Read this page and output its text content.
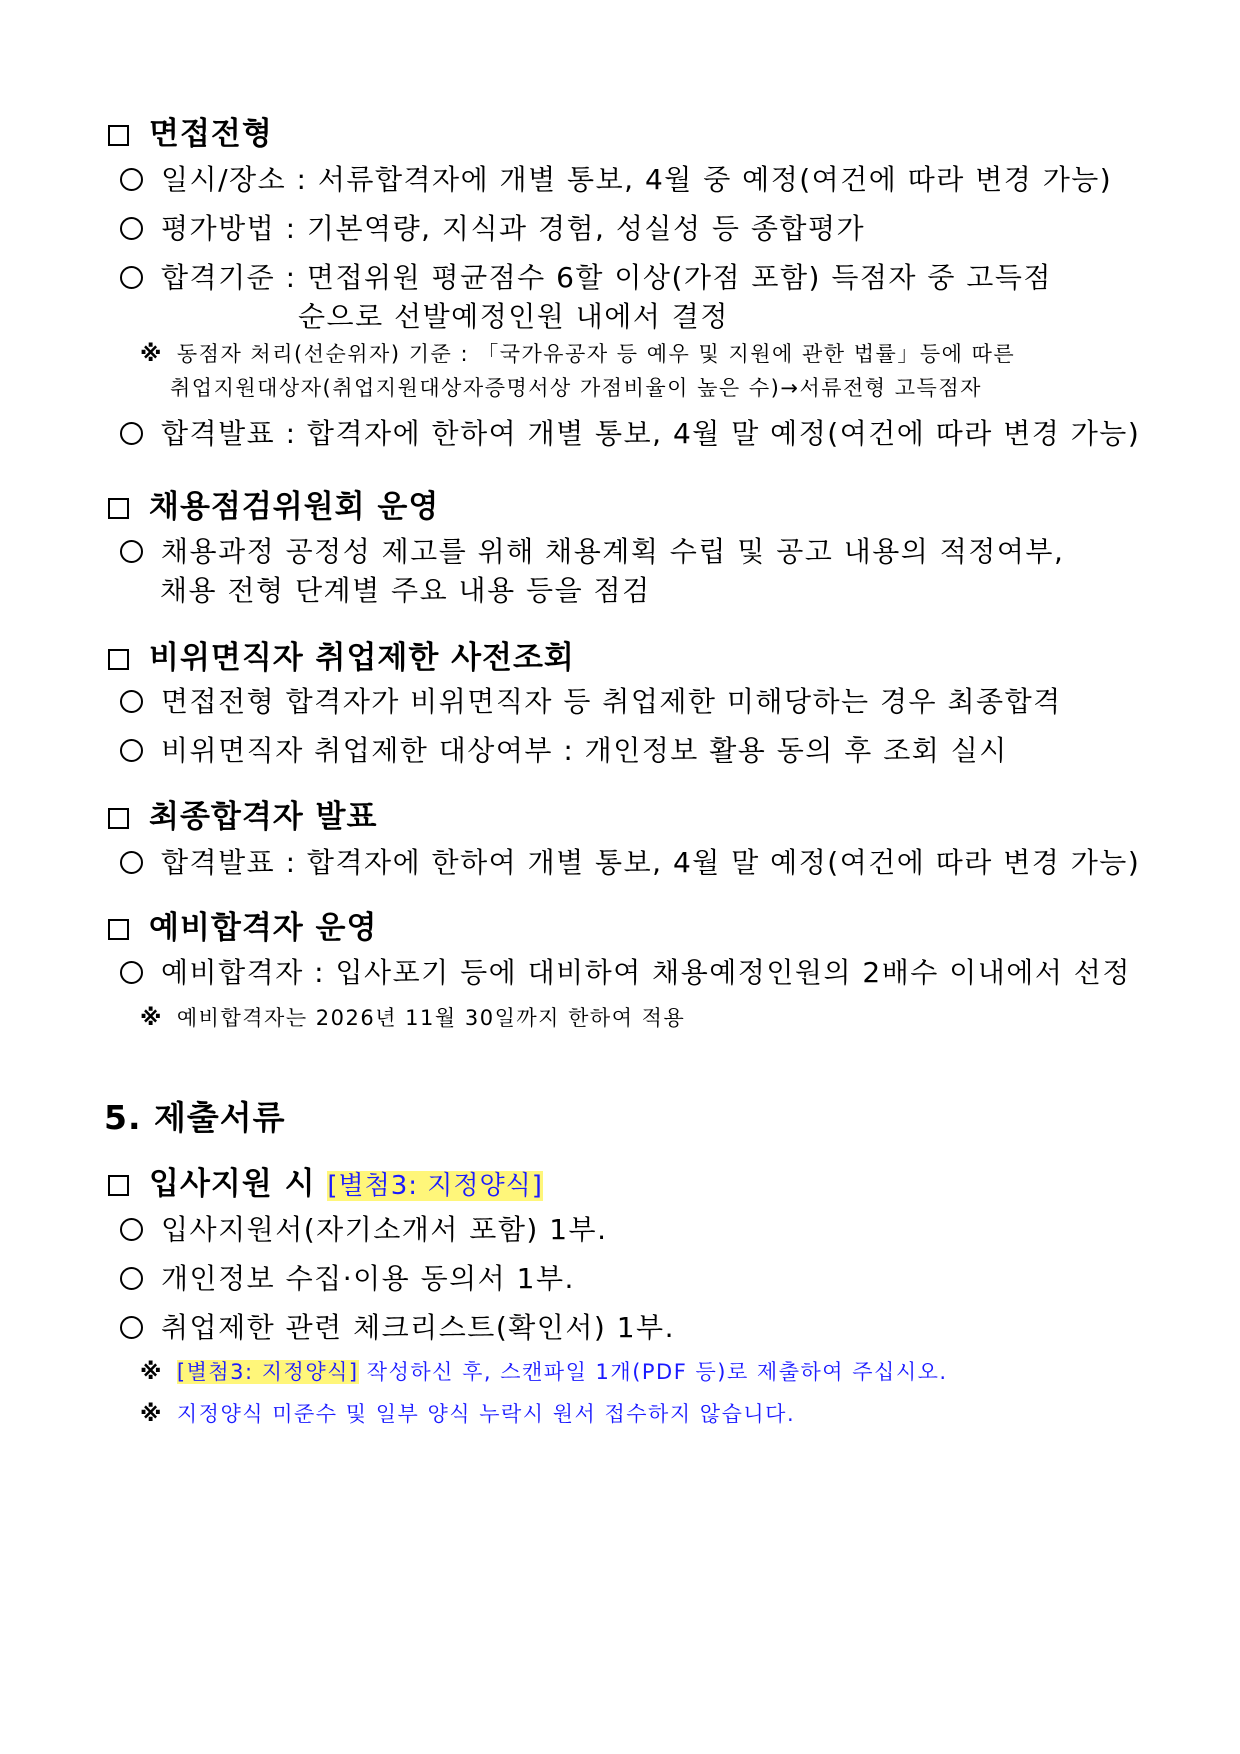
면접전형
일시/장소 : 서류합격자에 개별 통보, 4월 중 예정(여건에 따라 변경 가능)
평가방법 : 기본역량, 지식과 경험, 성실성 등 종합평가
합격기준 : 면접위원 평균점수 6할 이상(가점 포함) 득점자 중 고득점
순으로 선발예정인원 내에서 결정
※ 동점자 처리(선순위자) 기준 : 「국가유공자 등 예우 및 지원에 관한 법률」등에 따른
취업지원대상자(취업지원대상자증명서상 가점비율이 높은 수)→서류전형 고득점자
합격발표 : 합격자에 한하여 개별 통보, 4월 말 예정(여건에 따라 변경 가능)
채용점검위원회 운영
채용과정 공정성 제고를 위해 채용계획 수립 및 공고 내용의 적정여부,
채용 전형 단계별 주요 내용 등을 점검
비위면직자 취업제한 사전조회
면접전형 합격자가 비위면직자 등 취업제한 미해당하는 경우 최종합격
비위면직자 취업제한 대상여부 : 개인정보 활용 동의 후 조회 실시
최종합격자 발표
합격발표 : 합격자에 한하여 개별 통보, 4월 말 예정(여건에 따라 변경 가능)
예비합격자 운영
예비합격자 : 입사포기 등에 대비하여 채용예정인원의 2배수 이내에서 선정
※ 예비합격자는 2026년 11월 30일까지 한하여 적용
5. 제출서류
입사지원 시 [별첨3: 지정양식]
입사지원서(자기소개서 포함) 1부.
개인정보 수집·이용 동의서 1부.
취업제한 관련 체크리스트(확인서) 1부.
※ [별첨3: 지정양식] 작성하신 후, 스캔파일 1개(PDF 등)로 제출하여 주십시오.
※ 지정양식 미준수 및 일부 양식 누락시 원서 접수하지 않습니다.
